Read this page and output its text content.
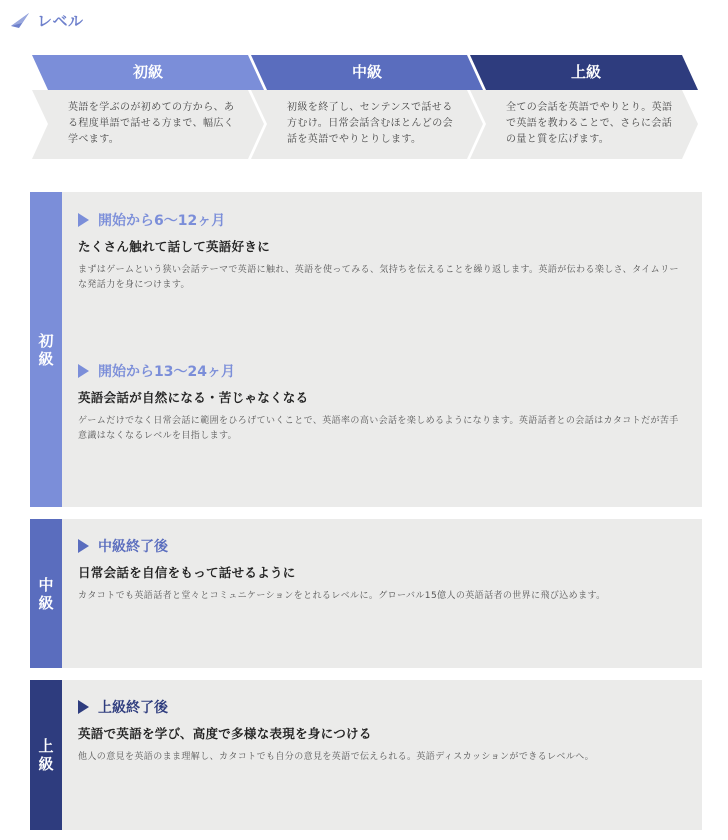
レベル
初級
英語を学ぶのが初めての方から、ある程度単語で話せる方まで、幅広く学べます。
中級
初級を終了し、センテンスで話せる方むけ。日常会話含むほとんどの会話を英語でやりとりします。
上級
全ての会話を英語でやりとり。英語で英語を教わることで、さらに会話の量と質を広げます。
初級
開始から6〜12ヶ月
たくさん触れて話して英語好きに
まずはゲームという狭い会話テーマで英語に触れ、英語を使ってみる、気持ちを伝えることを繰り返します。英語が伝わる楽しさ、タイムリーな発話力を身につけます。
開始から13〜24ヶ月
英語会話が自然になる・苦じゃなくなる
ゲームだけでなく日常会話に範囲をひろげていくことで、英語率の高い会話を楽しめるようになります。英語話者との会話はカタコトだが苦手意識はなくなるレベルを目指します。
中級
中級終了後
日常会話を自信をもって話せるように
カタコトでも英語話者と堂々とコミュニケーションをとれるレベルに。グローバル15億人の英語話者の世界に飛び込めます。
上級
上級終了後
英語で英語を学び、高度で多様な表現を身につける
他人の意見を英語のまま理解し、カタコトでも自分の意見を英語で伝えられる。英語ディスカッションができるレベルへ。
